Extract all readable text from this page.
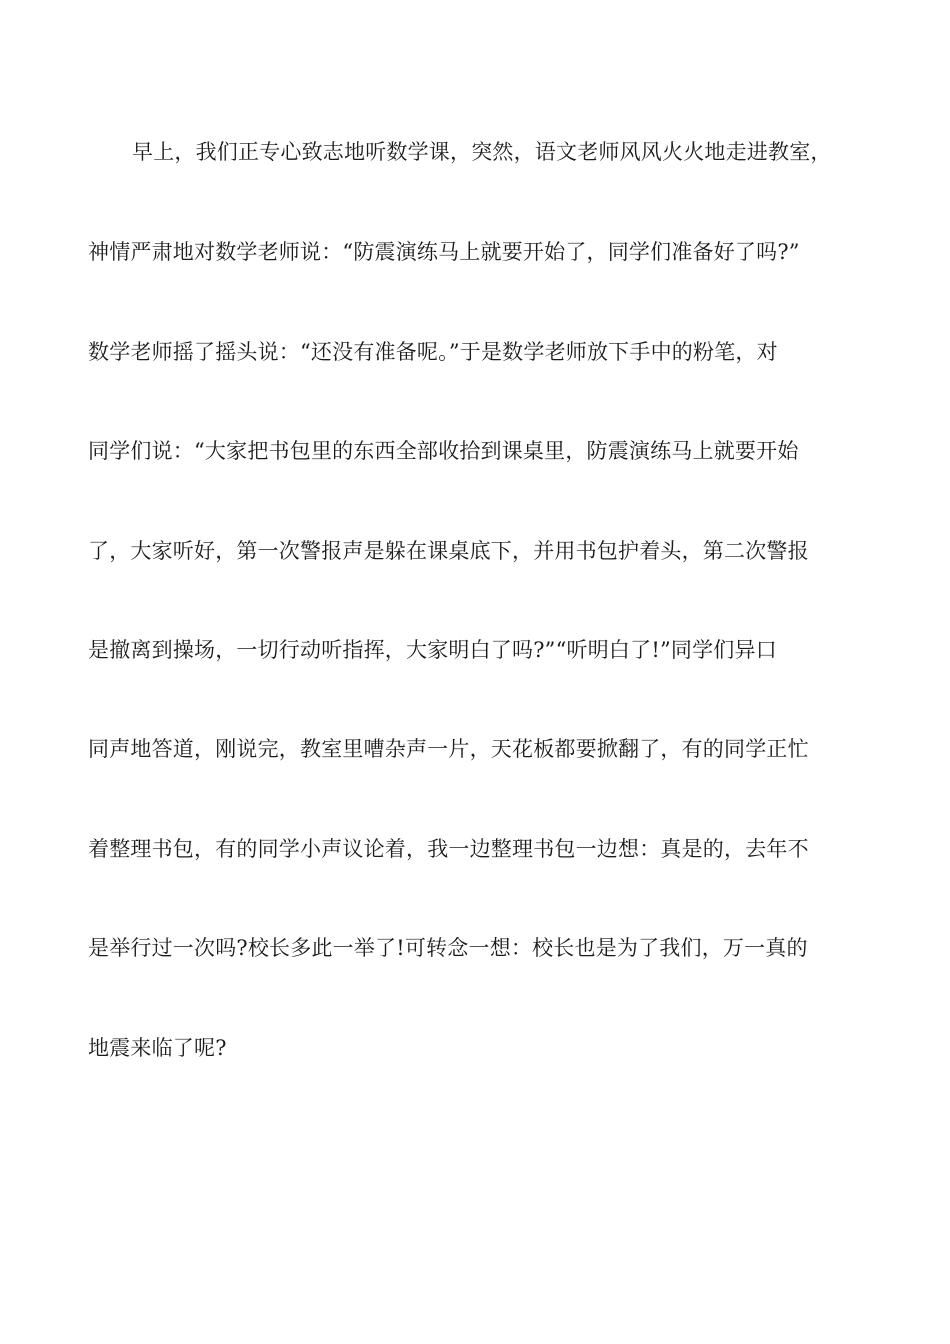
早上，我们正专心致志地听数学课，突然，语文老师风风火火地走进教室，
神情严肃地对数学老师说：“防震演练马上就要开始了，同学们准备好了吗?”
数学老师摇了摇头说：“还没有准备呢。”于是数学老师放下手中的粉笔，对
同学们说：“大家把书包里的东西全部收拾到课桌里，防震演练马上就要开始
了，大家听好，第一次警报声是躲在课桌底下，并用书包护着头，第二次警报
是撤离到操场，一切行动听指挥，大家明白了吗?”“听明白了!”同学们异口
同声地答道，刚说完，教室里嘈杂声一片，天花板都要掀翻了，有的同学正忙
着整理书包，有的同学小声议论着，我一边整理书包一边想：真是的，去年不
是举行过一次吗?校长多此一举了!可转念一想：校长也是为了我们，万一真的
地震来临了呢?
